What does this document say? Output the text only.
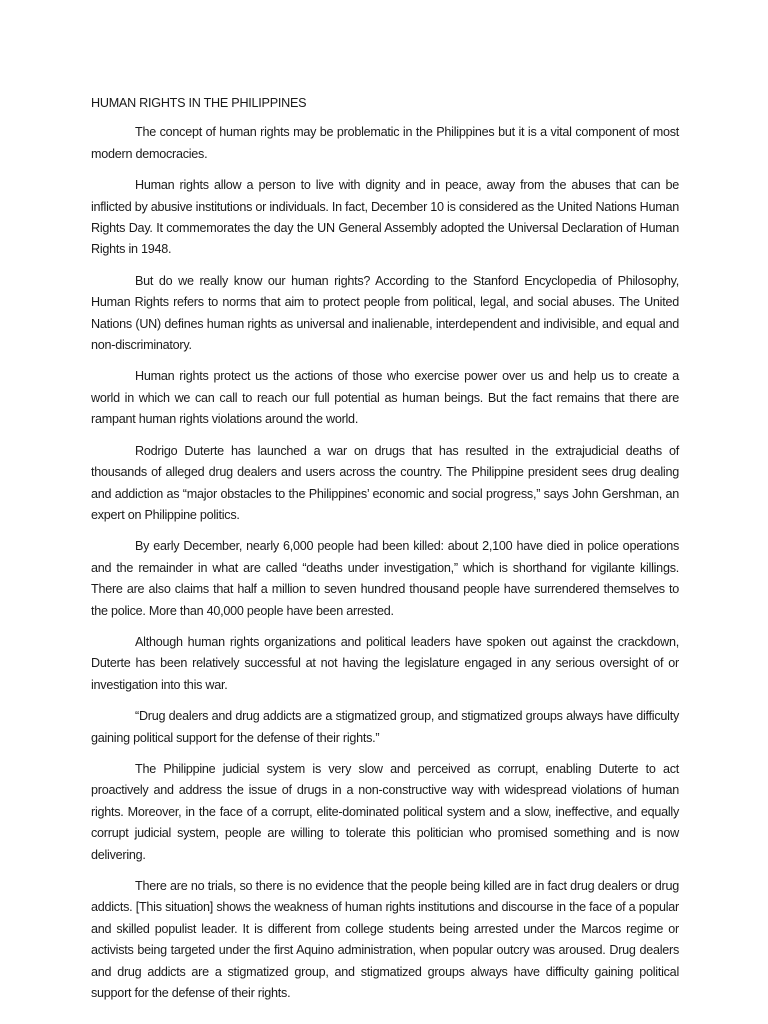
HUMAN RIGHTS IN THE PHILIPPINES

The concept of human rights may be problematic in the Philippines but it is a vital component of most modern democracies.

Human rights allow a person to live with dignity and in peace, away from the abuses that can be inflicted by abusive institutions or individuals. In fact, December 10 is considered as the United Nations Human Rights Day. It commemorates the day the UN General Assembly adopted the Universal Declaration of Human Rights in 1948.

But do we really know our human rights? According to the Stanford Encyclopedia of Philosophy, Human Rights refers to norms that aim to protect people from political, legal, and social abuses. The United Nations (UN) defines human rights as universal and inalienable, interdependent and indivisible, and equal and non-discriminatory.

Human rights protect us the actions of those who exercise power over us and help us to create a world in which we can call to reach our full potential as human beings. But the fact remains that there are rampant human rights violations around the world.

Rodrigo Duterte has launched a war on drugs that has resulted in the extrajudicial deaths of thousands of alleged drug dealers and users across the country. The Philippine president sees drug dealing and addiction as “major obstacles to the Philippines’ economic and social progress,” says John Gershman, an expert on Philippine politics.

By early December, nearly 6,000 people had been killed: about 2,100 have died in police operations and the remainder in what are called “deaths under investigation,” which is shorthand for vigilante killings. There are also claims that half a million to seven hundred thousand people have surrendered themselves to the police. More than 40,000 people have been arrested.

Although human rights organizations and political leaders have spoken out against the crackdown, Duterte has been relatively successful at not having the legislature engaged in any serious oversight of or investigation into this war.

“Drug dealers and drug addicts are a stigmatized group, and stigmatized groups always have difficulty gaining political support for the defense of their rights.”

The Philippine judicial system is very slow and perceived as corrupt, enabling Duterte to act proactively and address the issue of drugs in a non-constructive way with widespread violations of human rights. Moreover, in the face of a corrupt, elite-dominated political system and a slow, ineffective, and equally corrupt judicial system, people are willing to tolerate this politician who promised something and is now delivering.

There are no trials, so there is no evidence that the people being killed are in fact drug dealers or drug addicts. [This situation] shows the weakness of human rights institutions and discourse in the face of a popular and skilled populist leader. It is different from college students being arrested under the Marcos regime or activists being targeted under the first Aquino administration, when popular outcry was aroused. Drug dealers and drug addicts are a stigmatized group, and stigmatized groups always have difficulty gaining political support for the defense of their rights.
